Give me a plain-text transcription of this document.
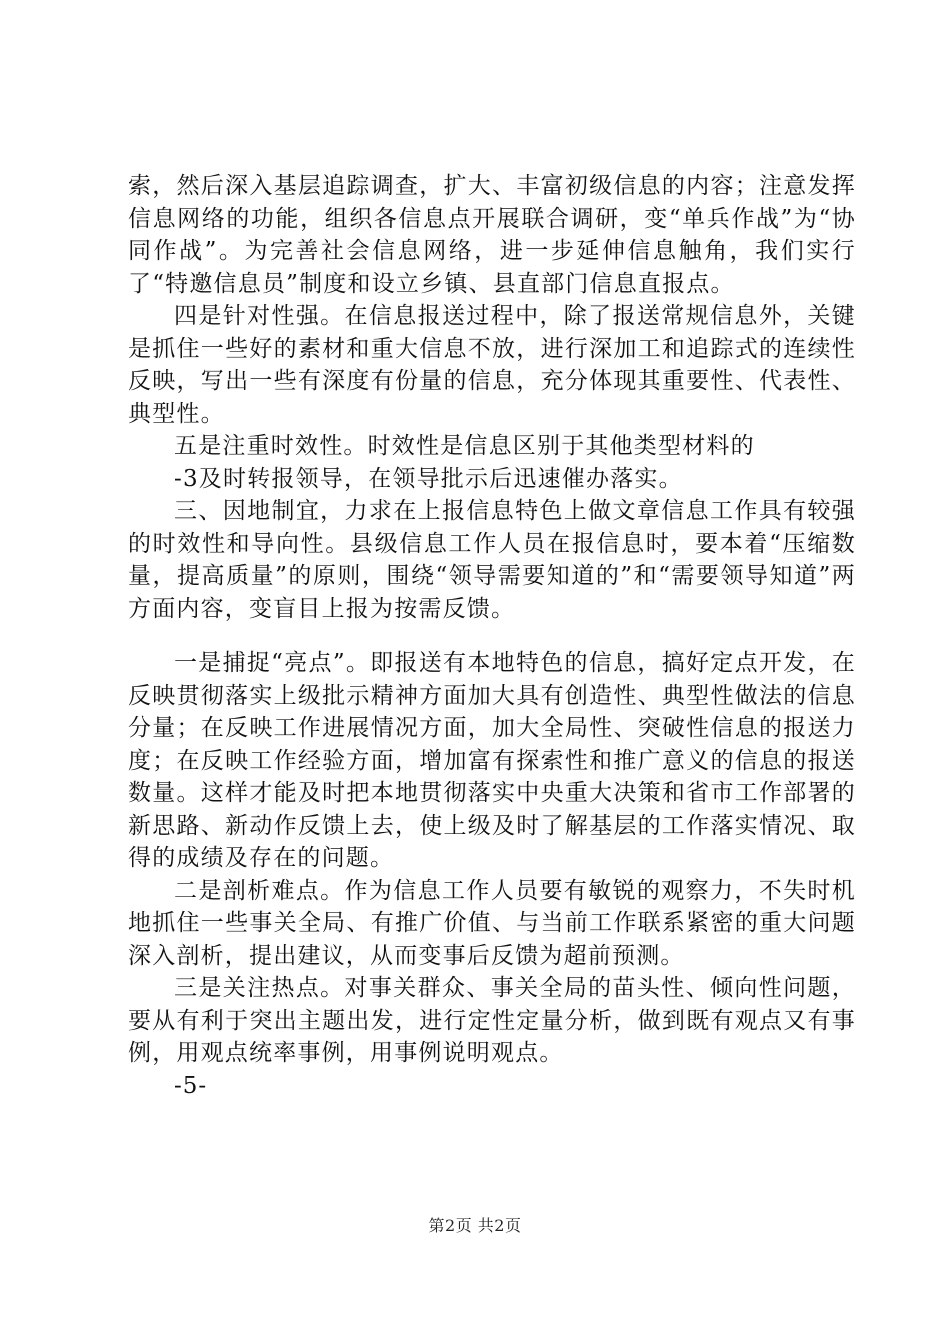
索，然后深入基层追踪调查，扩大、丰富初级信息的内容；注意发挥信息网络的功能，组织各信息点开展联合调研，变“单兵作战”为“协同作战”。为完善社会信息网络，进一步延伸信息触角，我们实行了“特邀信息员”制度和设立乡镇、县直部门信息直报点。

四是针对性强。在信息报送过程中，除了报送常规信息外，关键是抓住一些好的素材和重大信息不放，进行深加工和追踪式的连续性反映，写出一些有深度有份量的信息，充分体现其重要性、代表性、典型性。

五是注重时效性。时效性是信息区别于其他类型材料的

-3及时转报领导，在领导批示后迅速催办落实。

三、因地制宜，力求在上报信息特色上做文章信息工作具有较强的时效性和导向性。县级信息工作人员在报信息时，要本着“压缩数量，提高质量”的原则，围绕“领导需要知道的”和“需要领导知道”两方面内容，变盲目上报为按需反馈。

一是捕捉“亮点”。即报送有本地特色的信息，搞好定点开发，在反映贯彻落实上级批示精神方面加大具有创造性、典型性做法的信息分量；在反映工作进展情况方面，加大全局性、突破性信息的报送力度；在反映工作经验方面，增加富有探索性和推广意义的信息的报送数量。这样才能及时把本地贯彻落实中央重大决策和省市工作部署的新思路、新动作反馈上去，使上级及时了解基层的工作落实情况、取得的成绩及存在的问题。

二是剖析难点。作为信息工作人员要有敏锐的观察力，不失时机地抓住一些事关全局、有推广价值、与当前工作联系紧密的重大问题深入剖析，提出建议，从而变事后反馈为超前预测。

三是关注热点。对事关群众、事关全局的苗头性、倾向性问题，要从有利于突出主题出发，进行定性定量分析，做到既有观点又有事例，用观点统率事例，用事例说明观点。

-5-

第2页 共2页
